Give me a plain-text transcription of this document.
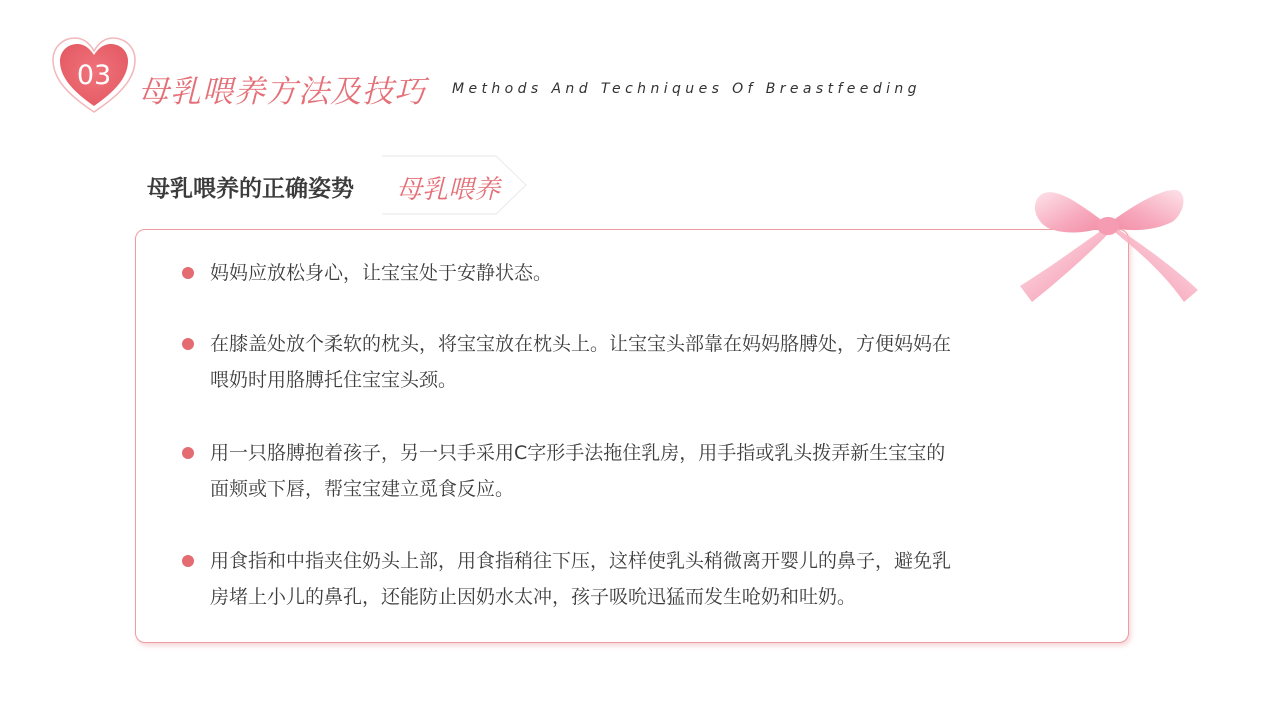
03 母乳喂养方法及技巧 Methods And Techniques Of Breastfeeding
母乳喂养的正确姿势 母乳喂养
妈妈应放松身心，让宝宝处于安静状态。
在膝盖处放个柔软的枕头，将宝宝放在枕头上。让宝宝头部靠在妈妈胳膊处，方便妈妈在
喂奶时用胳膊托住宝宝头颈。
用一只胳膊抱着孩子，另一只手采用C字形手法拖住乳房，用手指或乳头拨弄新生宝宝的
面颊或下唇，帮宝宝建立觅食反应。
用食指和中指夹住奶头上部，用食指稍往下压，这样使乳头稍微离开婴儿的鼻子，避免乳
房堵上小儿的鼻孔，还能防止因奶水太冲，孩子吸吮迅猛而发生呛奶和吐奶。
